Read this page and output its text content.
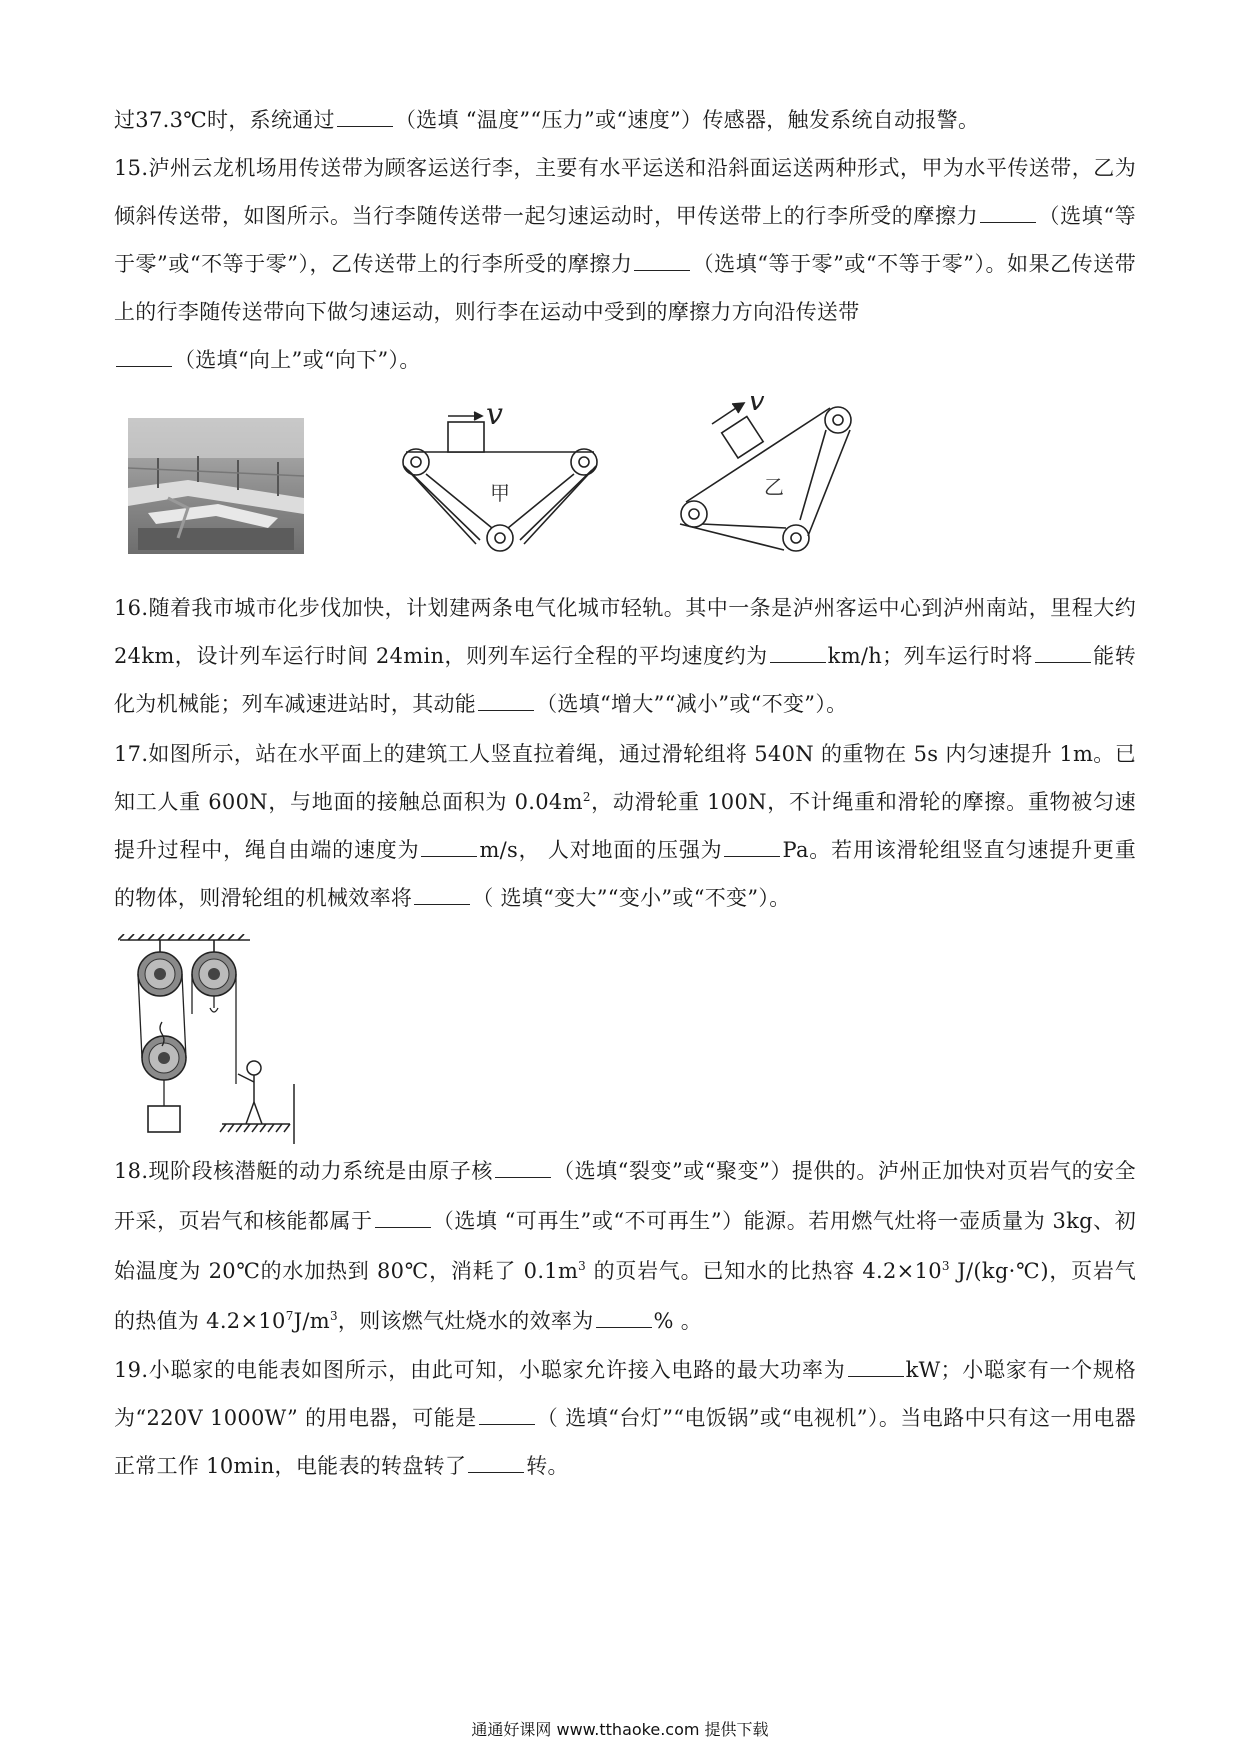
过37.3℃时，系统通过	（选填 “温度”“压力”或“速度”）传感器，触发系统自动报警。

15.泸州云龙机场用传送带为顾客运送行李，主要有水平运送和沿斜面运送两种形式，甲为水平传送带，乙为倾斜传送带，如图所示。当行李随传送带一起匀速运动时，甲传送带上的行李所受的摩擦力	（选填“等于零”或“不等于零”），乙传送带上的行李所受的摩擦力	（选填“等于零”或“不等于零”）。如果乙传送带上的行李随传送带向下做匀速运动，则行李在运动中受到的摩擦力方向沿传送带
（选填“向上”或“向下”）。

v
甲
v
乙

16.随着我市城市化步伐加快，计划建两条电气化城市轻轨。其中一条是泸州客运中心到泸州南站，里程大约 24km，设计列车运行时间 24min，则列车运行全程的平均速度约为	km/h；列车运行时将	能转化为机械能；列车减速进站时，其动能	（选填“增大”“减小”或“不变”）。

17.如图所示，站在水平面上的建筑工人竖直拉着绳，通过滑轮组将 540N 的重物在 5s 内匀速提升 1m。已知工人重 600N，与地面的接触总面积为 $0.04m^2$，动滑轮重 100N，不计绳重和滑轮的摩擦。重物被匀速提升过程中，绳自由端的速度为	m/s， 人对地面的压强为	Pa。若用该滑轮组竖直匀速提升更重的物体，则滑轮组的机械效率将	（ 选填“变大”“变小”或“不变”）。

18.现阶段核潜艇的动力系统是由原子核	（选填“裂变”或“聚变”）提供的。泸州正加快对页岩气的安全开采，页岩气和核能都属于	（选填 “可再生”或“不可再生”）能源。若用燃气灶将一壶质量为 3kg、初始温度为 20℃的水加热到 80℃，消耗了 $0.1m^3$ 的页岩气。已知水的比热容 $4.2\times 10^3$ J/(kg·℃)，页岩气的热值为 $4.2\times 10^7J/m^3$，则该燃气灶烧水的效率为	% 。

19.小聪家的电能表如图所示，由此可知，小聪家允许接入电路的最大功率为	kW；小聪家有一个规格为“220V 1000W” 的用电器，可能是	（ 选填“台灯”“电饭锅”或“电视机”）。当电路中只有这一用电器正常工作 10min，电能表的转盘转了	转。

通通好课网 www.tthaoke.com 提供下载
